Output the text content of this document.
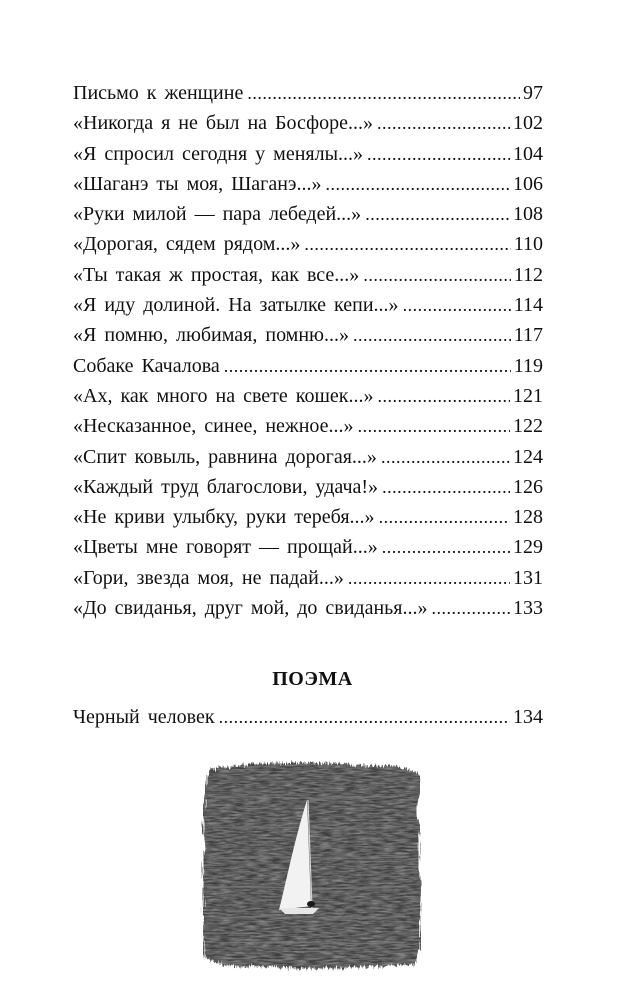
Письмо к женщине . . .	97
«Никогда я не был на Босфоре...» . . .	102
«Я спросил сегодня у менялы...» . . .	104
«Шаганэ ты моя, Шаганэ...» . . .	106
«Руки милой — пара лебедей...» . . .	108
«Дорогая, сядем рядом...» . . .	110
«Ты такая ж простая, как все...» . . .	112
«Я иду долиной. На затылке кепи...» . . .	114
«Я помню, любимая, помню...» . . .	117
Собаке Качалова . . .	119
«Ах, как много на свете кошек...» . . .	121
«Несказанное, синее, нежное...» . . .	122
«Спит ковыль, равнина дорогая...» . . .	124
«Каждый труд благослови, удача!» . . .	126
«Не криви улыбку, руки теребя...» . . .	128
«Цветы мне говорят — прощай...» . . .	129
«Гори, звезда моя, не падай...» . . .	131
«До свиданья, друг мой, до свиданья...» . . .	133
ПОЭМА
Черный человек . . .	134
